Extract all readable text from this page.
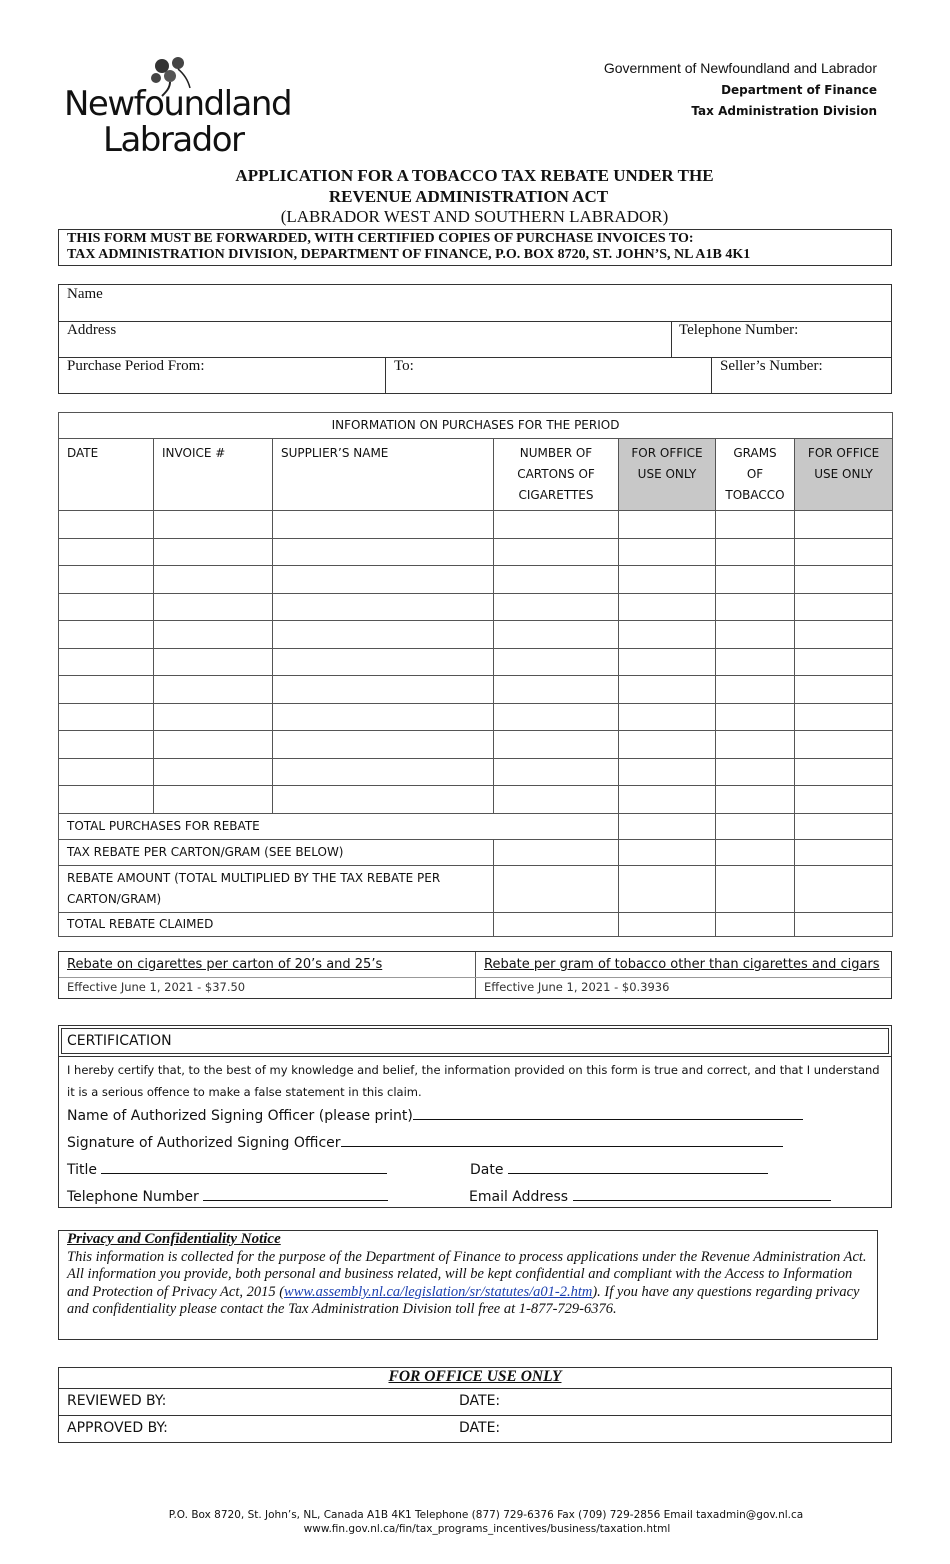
Newfoundland
Labrador
Government of Newfoundland and Labrador
Department of Finance
Tax Administration Division
APPLICATION FOR A TOBACCO TAX REBATE UNDER THE
REVENUE ADMINISTRATION ACT
(LABRADOR WEST AND SOUTHERN LABRADOR)
THIS FORM MUST BE FORWARDED, WITH CERTIFIED COPIES OF PURCHASE INVOICES TO:
TAX ADMINISTRATION DIVISION, DEPARTMENT OF FINANCE, P.O. BOX 8720, ST. JOHN’S, NL A1B 4K1
Name
Address	Telephone Number:
Purchase Period From:	To:	Seller’s Number:
INFORMATION ON PURCHASES FOR THE PERIOD						
DATE	INVOICE #	SUPPLIER’S NAME	NUMBER OF CARTONS OF CIGARETTES	FOR OFFICE USE ONLY	GRAMS OF TOBACCO	FOR OFFICE USE ONLY

TOTAL PURCHASES FOR REBATE						
TAX REBATE PER CARTON/GRAM (SEE BELOW)						
REBATE AMOUNT (TOTAL MULTIPLIED BY THE TAX REBATE PER CARTON/GRAM)						
TOTAL REBATE CLAIMED						
Rebate on cigarettes per carton of 20’s and 25’s
Effective June 1, 2021 - $37.50
Rebate per gram of tobacco other than cigarettes and cigars
Effective June 1, 2021 - $0.3936
CERTIFICATION
I hereby certify that, to the best of my knowledge and belief, the information provided on this form is true and correct, and that I understand it is a serious offence to make a false statement in this claim.
Name of Authorized Signing Officer (please print)
Signature of Authorized Signing Officer
Title	Date
Telephone Number	Email Address
Privacy and Confidentiality Notice
This information is collected for the purpose of the Department of Finance to process applications under the Revenue Administration Act. All information you provide, both personal and business related, will be kept confidential and compliant with the Access to Information and Protection of Privacy Act, 2015 (www.assembly.nl.ca/legislation/sr/statutes/a01-2.htm). If you have any questions regarding privacy and confidentiality please contact the Tax Administration Division toll free at 1-877-729-6376.
FOR OFFICE USE ONLY
REVIEWED BY:	DATE:
APPROVED BY:	DATE:
P.O. Box 8720, St. John’s, NL, Canada A1B 4K1 Telephone (877) 729-6376 Fax (709) 729-2856 Email taxadmin@gov.nl.ca
www.fin.gov.nl.ca/fin/tax_programs_incentives/business/taxation.html
